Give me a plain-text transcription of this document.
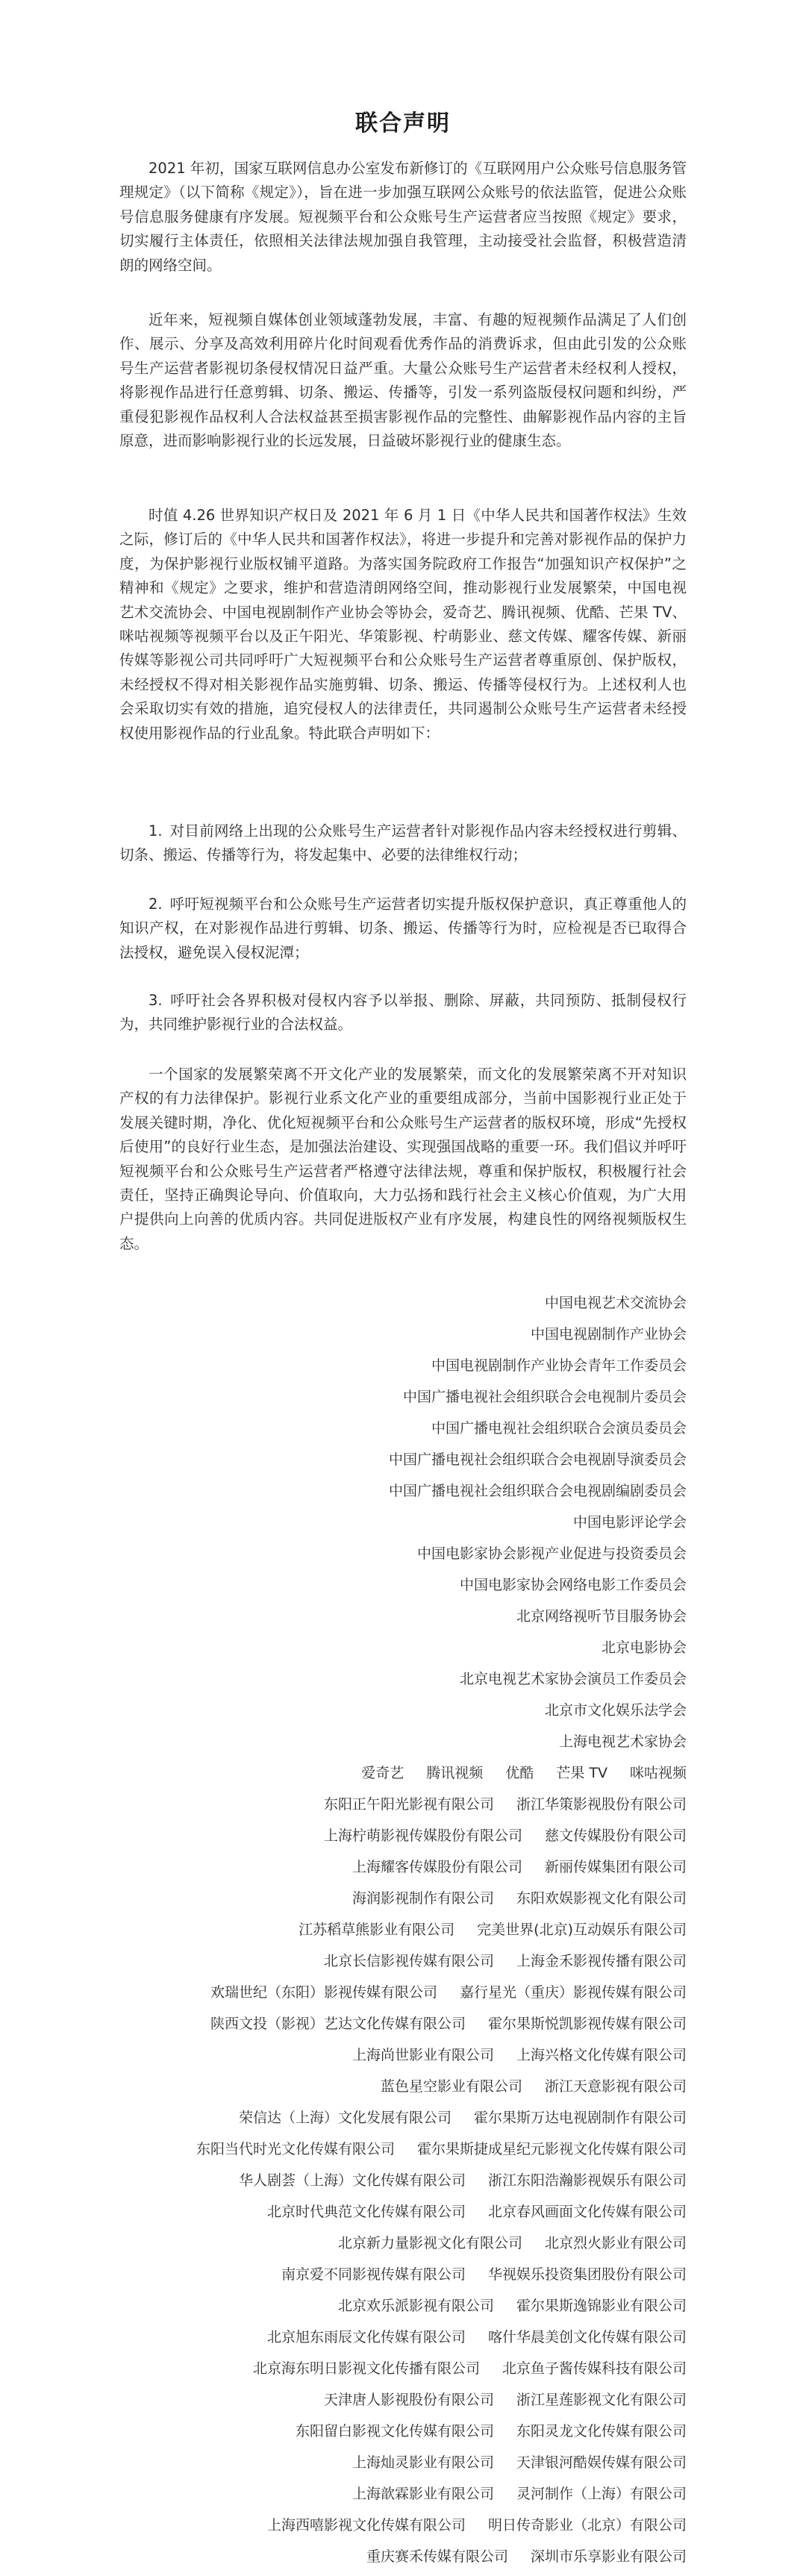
联合声明

2021 年初，国家互联网信息办公室发布新修订的《互联网用户公众账号信息服务管理规定》（以下简称《规定》），旨在进一步加强互联网公众账号的依法监管，促进公众账号信息服务健康有序发展。短视频平台和公众账号生产运营者应当按照《规定》要求，切实履行主体责任，依照相关法律法规加强自我管理，主动接受社会监督，积极营造清朗的网络空间。

近年来，短视频自媒体创业领域蓬勃发展，丰富、有趣的短视频作品满足了人们创作、展示、分享及高效利用碎片化时间观看优秀作品的消费诉求，但由此引发的公众账号生产运营者影视切条侵权情况日益严重。大量公众账号生产运营者未经权利人授权，将影视作品进行任意剪辑、切条、搬运、传播等，引发一系列盗版侵权问题和纠纷，严重侵犯影视作品权利人合法权益甚至损害影视作品的完整性、曲解影视作品内容的主旨原意，进而影响影视行业的长远发展，日益破坏影视行业的健康生态。

时值 4.26 世界知识产权日及 2021 年 6 月 1 日《中华人民共和国著作权法》生效之际，修订后的《中华人民共和国著作权法》，将进一步提升和完善对影视作品的保护力度，为保护影视行业版权铺平道路。为落实国务院政府工作报告“加强知识产权保护”之精神和《规定》之要求，维护和营造清朗网络空间，推动影视行业发展繁荣，中国电视艺术交流协会、中国电视剧制作产业协会等协会，爱奇艺、腾讯视频、优酷、芒果 TV、咪咕视频等视频平台以及正午阳光、华策影视、柠萌影业、慈文传媒、耀客传媒、新丽传媒等影视公司共同呼吁广大短视频平台和公众账号生产运营者尊重原创、保护版权，未经授权不得对相关影视作品实施剪辑、切条、搬运、传播等侵权行为。上述权利人也会采取切实有效的措施，追究侵权人的法律责任，共同遏制公众账号生产运营者未经授权使用影视作品的行业乱象。特此联合声明如下：

1. 对目前网络上出现的公众账号生产运营者针对影视作品内容未经授权进行剪辑、切条、搬运、传播等行为，将发起集中、必要的法律维权行动；

2. 呼吁短视频平台和公众账号生产运营者切实提升版权保护意识，真正尊重他人的知识产权，在对影视作品进行剪辑、切条、搬运、传播等行为时，应检视是否已取得合法授权，避免误入侵权泥潭；

3. 呼吁社会各界积极对侵权内容予以举报、删除、屏蔽，共同预防、抵制侵权行为，共同维护影视行业的合法权益。

一个国家的发展繁荣离不开文化产业的发展繁荣，而文化的发展繁荣离不开对知识产权的有力法律保护。影视行业系文化产业的重要组成部分，当前中国影视行业正处于发展关键时期，净化、优化短视频平台和公众账号生产运营者的版权环境，形成“先授权后使用”的良好行业生态，是加强法治建设、实现强国战略的重要一环。我们倡议并呼吁短视频平台和公众账号生产运营者严格遵守法律法规，尊重和保护版权，积极履行社会责任，坚持正确舆论导向、价值取向，大力弘扬和践行社会主义核心价值观，为广大用户提供向上向善的优质内容。共同促进版权产业有序发展，构建良性的网络视频版权生态。

中国电视艺术交流协会
中国电视剧制作产业协会
中国电视剧制作产业协会青年工作委员会
中国广播电视社会组织联合会电视制片委员会
中国广播电视社会组织联合会演员委员会
中国广播电视社会组织联合会电视剧导演委员会
中国广播电视社会组织联合会电视剧编剧委员会
中国电影评论学会
中国电影家协会影视产业促进与投资委员会
中国电影家协会网络电影工作委员会
北京网络视听节目服务协会
北京电影协会
北京电视艺术家协会演员工作委员会
北京市文化娱乐法学会
上海电视艺术家协会
爱奇艺 腾讯视频 优酷 芒果 TV 咪咕视频
东阳正午阳光影视有限公司 浙江华策影视股份有限公司
上海柠萌影视传媒股份有限公司 慈文传媒股份有限公司
上海耀客传媒股份有限公司 新丽传媒集团有限公司
海润影视制作有限公司 东阳欢娱影视文化有限公司
江苏稻草熊影业有限公司 完美世界(北京)互动娱乐有限公司
北京长信影视传媒有限公司 上海金禾影视传播有限公司
欢瑞世纪（东阳）影视传媒有限公司 嘉行星光（重庆）影视传媒有限公司
陕西文投（影视）艺达文化传媒有限公司 霍尔果斯悦凯影视传媒有限公司
上海尚世影业有限公司 上海兴格文化传媒有限公司
蓝色星空影业有限公司 浙江天意影视有限公司
荣信达（上海）文化发展有限公司 霍尔果斯万达电视剧制作有限公司
东阳当代时光文化传媒有限公司 霍尔果斯捷成星纪元影视文化传媒有限公司
华人剧荟（上海）文化传媒有限公司 浙江东阳浩瀚影视娱乐有限公司
北京时代典范文化传媒有限公司 北京春风画面文化传媒有限公司
北京新力量影视文化有限公司 北京烈火影业有限公司
南京爱不同影视传媒有限公司 华视娱乐投资集团股份有限公司
北京欢乐派影视有限公司 霍尔果斯逸锦影业有限公司
北京旭东雨辰文化传媒有限公司 喀什华晨美创文化传媒有限公司
北京海东明日影视文化传播有限公司 北京鱼子酱传媒科技有限公司
天津唐人影视股份有限公司 浙江星莲影视文化有限公司
东阳留白影视文化传媒有限公司 东阳灵龙文化传媒有限公司
上海灿灵影业有限公司 天津银河酷娱传媒有限公司
上海歆霖影业有限公司 灵河制作（上海）有限公司
上海西嘻影视文化传媒有限公司 明日传奇影业（北京）有限公司
重庆赛禾传媒有限公司 深圳市乐享影业有限公司
